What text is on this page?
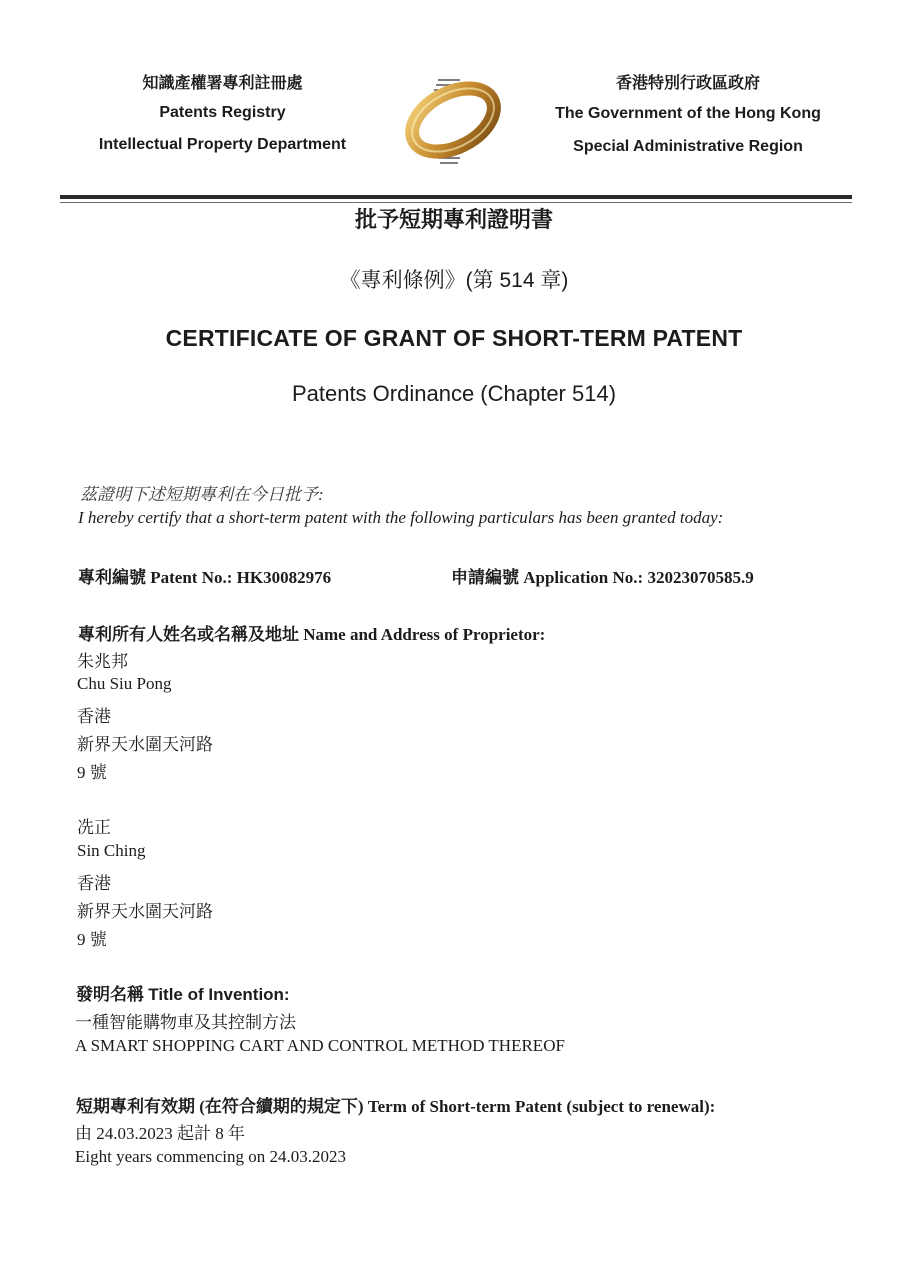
知識產權署專利註冊處
Patents Registry
Intellectual Property Department
香港特別行政區政府
The Government of the Hong Kong
Special Administrative Region
批予短期專利證明書
《專利條例》(第 514 章)
CERTIFICATE OF GRANT OF SHORT-TERM PATENT
Patents Ordinance (Chapter 514)
茲證明下述短期專利在今日批予:
I hereby certify that a short-term patent with the following particulars has been granted today:
專利編號 Patent No.: HK30082976	申請編號 Application No.: 32023070585.9
專利所有人姓名或名稱及地址 Name and Address of Proprietor:
朱兆邦
Chu Siu Pong
香港
新界天水圍天河路
9 號
冼正
Sin Ching
香港
新界天水圍天河路
9 號
發明名稱 Title of Invention:
一種智能購物車及其控制方法
A SMART SHOPPING CART AND CONTROL METHOD THEREOF
短期專利有效期 (在符合續期的規定下) Term of Short-term Patent (subject to renewal):
由 24.03.2023 起計 8 年
Eight years commencing on 24.03.2023
